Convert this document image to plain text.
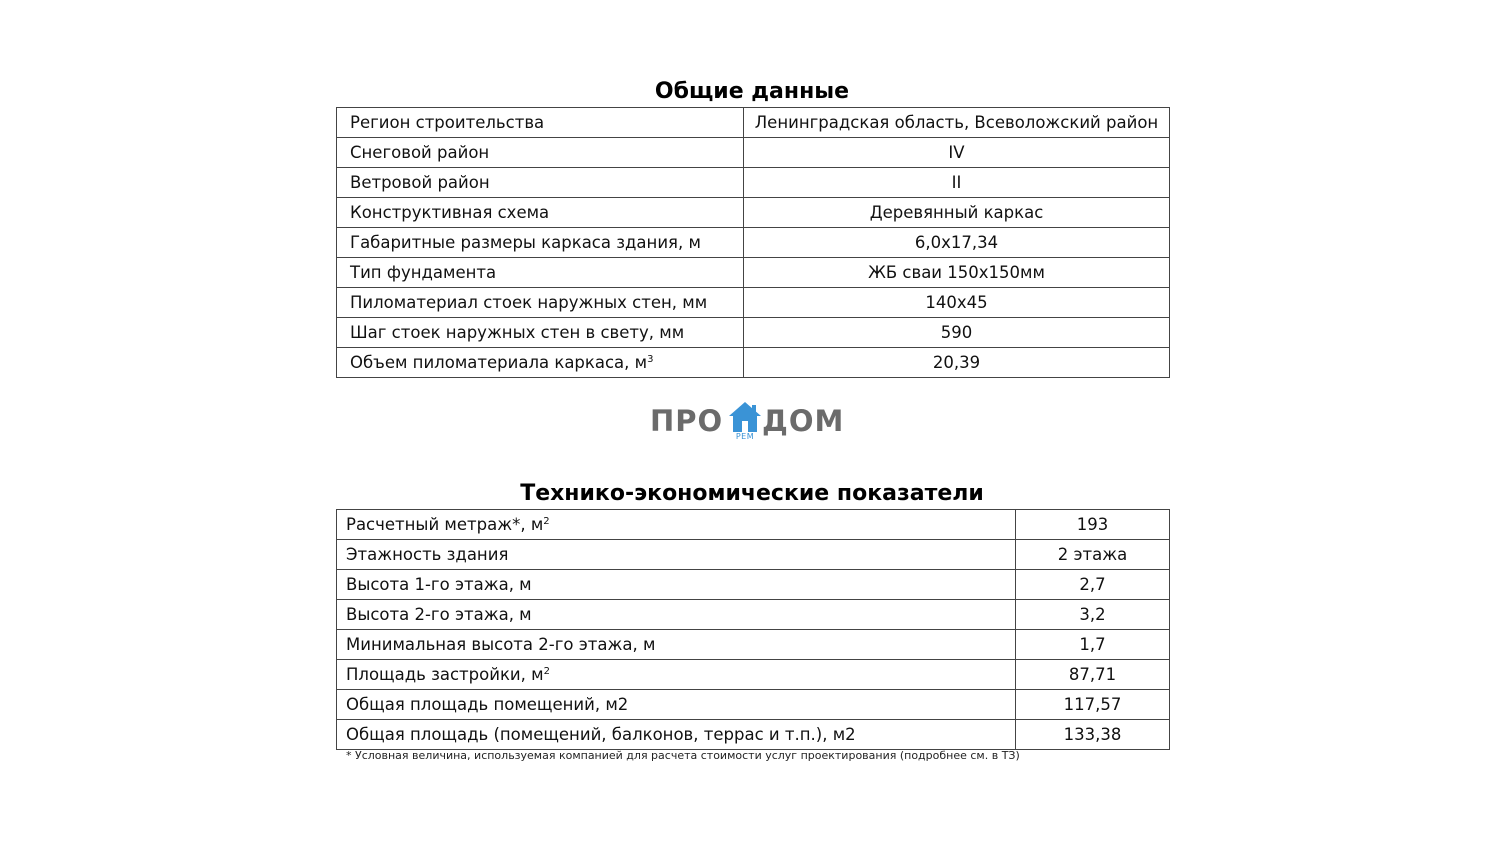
Общие данные
Регион строительства	Ленинградская область, Всеволожский район
Снеговой район	IV
Ветровой район	II
Конструктивная схема	Деревянный каркас
Габаритные размеры каркаса здания, м	6,0х17,34
Тип фундамента	ЖБ сваи 150х150мм
Пиломатериал стоек наружных стен, мм	140х45
Шаг стоек наружных стен в свету, мм	590
Объем пиломатериала каркаса, $м^3$	20,39
ПРО	РЕМ ДОМ
Технико-экономические показатели
Расчетный метраж*, $м^2$	193
Этажность здания	2 этажа
Высота 1-го этажа, м	2,7
Высота 2-го этажа, м	3,2
Минимальная высота 2-го этажа, м	1,7
Площадь застройки, $м^2$	87,71
Общая площадь помещений, м2	117,57
Общая площадь (помещений, балконов, террас и т.п.), м2	133,38
* Условная величина, используемая компанией для расчета стоимости услуг проектирования (подробнее см. в ТЗ)
